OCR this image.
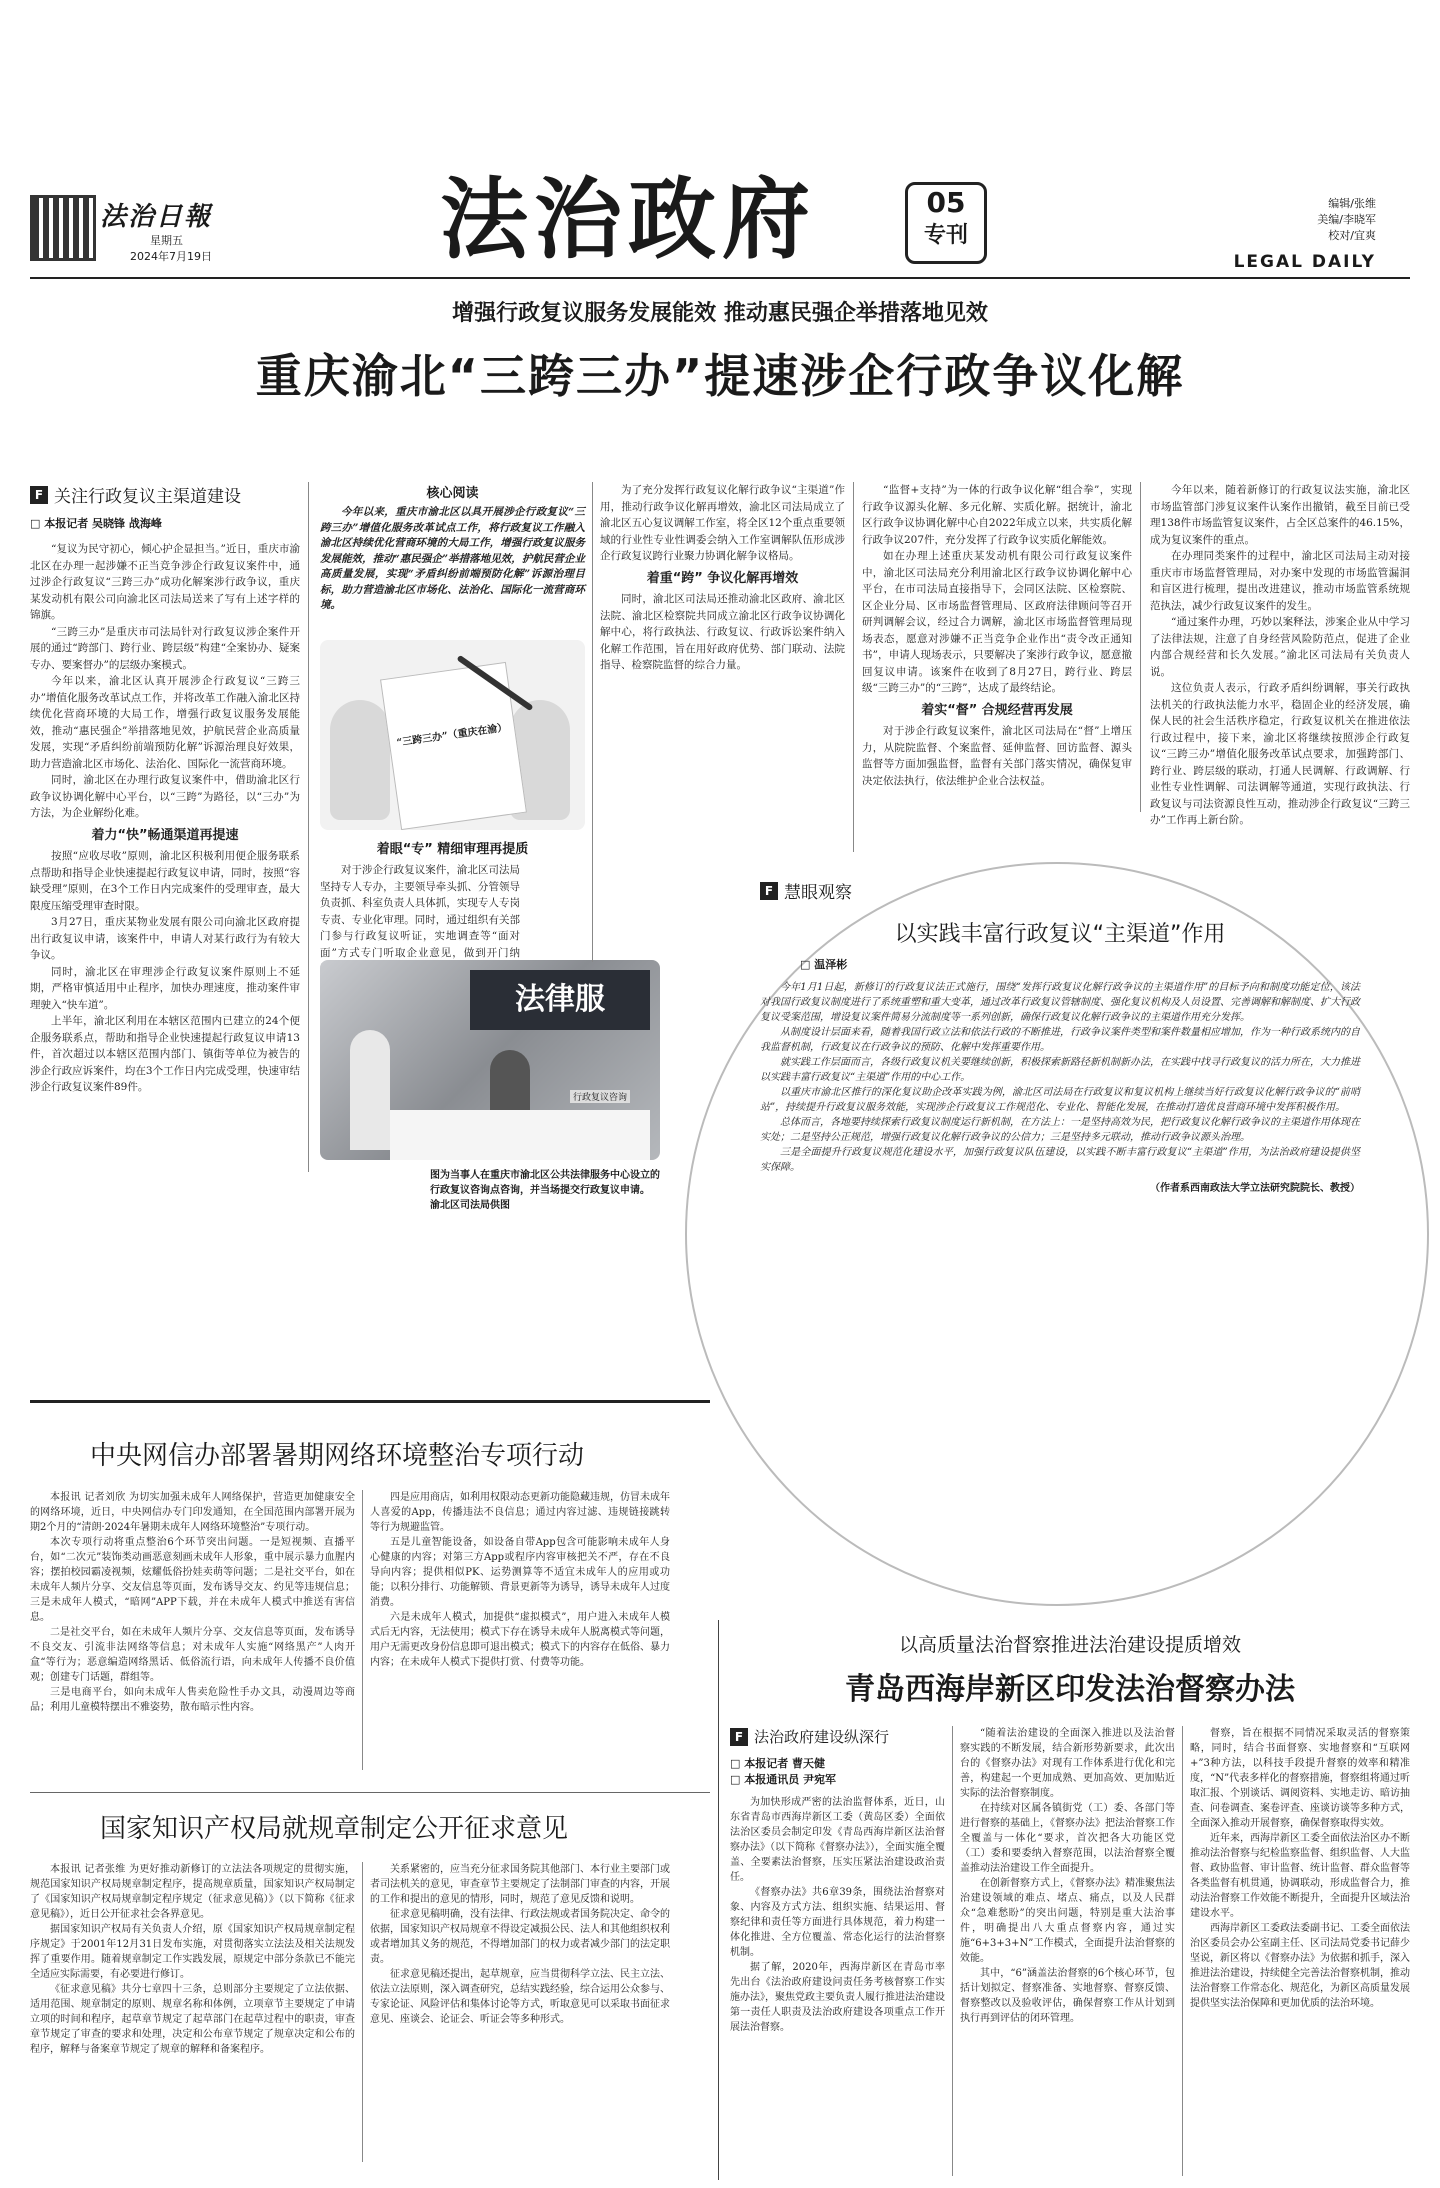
法治日報
星期五
2024年7月19日	法治政府	05
专刊
编辑/张维
美编/李晓军
校对/宜爽
LEGAL DAILY
增强行政复议服务发展能效 推动惠民强企举措落地见效
重庆渝北“三跨三办”提速涉企行政争议化解
F 关注行政复议主渠道建设
□ 本报记者 吴晓锋 战海峰

“复议为民守初心，倾心护企显担当。”近日，重庆市渝北区在办理一起涉嫌不正当竞争涉企行政复议案件中，通过涉企行政复议“三跨三办”成功化解案涉行政争议，重庆某发动机有限公司向渝北区司法局送来了写有上述字样的锦旗。

“三跨三办”是重庆市司法局针对行政复议涉企案件开展的通过“跨部门、跨行业、跨层级”构建“全案协办、疑案专办、要案督办”的层级办案模式。

今年以来，渝北区认真开展涉企行政复议“三跨三办”增值化服务改革试点工作，并将改革工作融入渝北区持续优化营商环境的大局工作，增强行政复议服务发展能效，推动“惠民强企”举措落地见效，护航民营企业高质量发展，实现“矛盾纠纷前端预防化解”诉源治理良好效果，助力营造渝北区市场化、法治化、国际化一流营商环境。

同时，渝北区在办理行政复议案件中，借助渝北区行政争议协调化解中心平台，以“三跨”为路径，以“三办”为方法，为企业解纷化难。

着力“快”畅通渠道再提速

按照“应收尽收”原则，渝北区积极利用便企服务联系点帮助和指导企业快速提起行政复议申请，同时，按照“容缺受理”原则，在3个工作日内完成案件的受理审查，最大限度压缩受理审查时限。

3月27日，重庆某物业发展有限公司向渝北区政府提出行政复议申请，该案件中，申请人对某行政行为有较大争议。

同时，渝北区在审理涉企行政复议案件原则上不延期，严格审慎适用中止程序，加快办理速度，推动案件审理驶入“快车道”。

上半年，渝北区利用在本辖区范围内已建立的24个便企服务联系点，帮助和指导企业快速提起行政复议申请13件，首次超过以本辖区范围内部门、镇街等单位为被告的涉企行政应诉案件，均在3个工作日内完成受理，快速审结涉企行政复议案件89件。

核心阅读
今年以来，重庆市渝北区以具开展涉企行政复议“三跨三办”增值化服务改革试点工作，将行政复议工作融入渝北区持续优化营商环境的大局工作，增强行政复议服务发展能效，推动“惠民强企”举措落地见效，护航民营企业高质量发展，实现“矛盾纠纷前端预防化解”诉源治理目标，助力营造渝北区市场化、法治化、国际化一流营商环境。
“三跨三办”（重庆在渝）
着眼“专” 精细审理再提质
对于涉企行政复议案件，渝北区司法局坚持专人专办，主要领导牵头抓、分管领导负责抓、科室负责人具体抓，实现专人专岗专责、专业化审理。同时，通过组织有关部门参与行政复议听证，实地调查等“面对面”方式专门听取企业意见，做到开门纳
法律服
行政复议咨询
图为当事人在重庆市渝北区公共法律服务中心设立的行政复议咨询点咨询，并当场提交行政复议申请。 渝北区司法局供图

为了充分发挥行政复议化解行政争议“主渠道”作用，推动行政争议化解再增效，渝北区司法局成立了渝北区五心复议调解工作室，将全区12个重点重要领域的行业性专业性调委会纳入工作室调解队伍形成涉企行政复议跨行业聚力协调化解争议格局。

着重“跨” 争议化解再增效

同时，渝北区司法局还推动渝北区政府、渝北区法院、渝北区检察院共同成立渝北区行政争议协调化解中心，将行政执法、行政复议、行政诉讼案件纳入化解工作范围，旨在用好政府优势、部门联动、法院指导、检察院监督的综合力量。

“监督+支持”为一体的行政争议化解“组合拳”，实现行政争议源头化解、多元化解、实质化解。据统计，渝北区行政争议协调化解中心自2022年成立以来，共实质化解行政争议207件，充分发挥了行政争议实质化解能效。

如在办理上述重庆某发动机有限公司行政复议案件中，渝北区司法局充分利用渝北区行政争议协调化解中心平台，在市司法局直接指导下，会同区法院、区检察院、区企业分局、区市场监督管理局、区政府法律顾问等召开研判调解会议，经过合力调解，渝北区市场监督管理局现场表态，愿意对涉嫌不正当竞争企业作出“责令改正通知书”，申请人现场表示，只要解决了案涉行政争议，愿意撤回复议申请。该案件在收到了8月27日，跨行业、跨层级“三跨三办”的“三跨”，达成了最终结论。

着实“督” 合规经营再发展

对于涉企行政复议案件，渝北区司法局在“督”上增压力，从院院监督、个案监督、延伸监督、回访监督、源头监督等方面加强监督，监督有关部门落实情况，确保复审决定依法执行，依法维护企业合法权益。

今年以来，随着新修订的行政复议法实施，渝北区市场监管部门涉复议案件认案作出撤销，截至目前已受理138件市场监管复议案件，占全区总案件的46.15%，成为复议案件的重点。

在办理同类案件的过程中，渝北区司法局主动对接重庆市市场监督管理局，对办案中发现的市场监管漏洞和盲区进行梳理，提出改进建议，推动市场监管系统规范执法，减少行政复议案件的发生。

“通过案件办理，巧妙以案释法，涉案企业从中学习了法律法规，注意了自身经营风险防范点，促进了企业内部合规经营和长久发展。”渝北区司法局有关负责人说。

这位负责人表示，行政矛盾纠纷调解，事关行政执法机关的行政执法能力水平，稳固企业的经济发展，确保人民的社会生活秩序稳定，行政复议机关在推进依法行政过程中，接下来，渝北区将继续按照涉企行政复议“三跨三办”增值化服务改革试点要求，加强跨部门、跨行业、跨层级的联动，打通人民调解、行政调解、行业性专业性调解、司法调解等通道，实现行政执法、行政复议与司法资源良性互动，推动涉企行政复议“三跨三办”工作再上新台阶。

F 慧眼观察
以实践丰富行政复议“主渠道”作用
□ 温泽彬

今年1月1日起，新修订的行政复议法正式施行，围绕“发挥行政复议化解行政争议的主渠道作用”的目标予向和制度功能定位，该法对我国行政复议制度进行了系统重塑和重大变革，通过改革行政复议管辖制度、强化复议机构及人员设置、完善调解和解制度、扩大行政复议受案范围，增设复议案件简易分流制度等一系列创新，确保行政复议化解行政争议的主渠道作用充分发挥。

从制度设计层面来看，随着我国行政立法和依法行政的不断推进，行政争议案件类型和案件数量相应增加，作为一种行政系统内的自我监督机制，行政复议在行政争议的预防、化解中发挥重要作用。

就实践工作层面而言，各级行政复议机关要继续创新，积极探索新路径新机制新办法，在实践中找寻行政复议的活力所在，大力推进以实践丰富行政复议“主渠道”作用的中心工作。

以重庆市渝北区推行的深化复议助企改革实践为例，渝北区司法局在行政复议和复议机构上继续当好行政复议化解行政争议的“前哨站”，持续提升行政复议服务效能，实现涉企行政复议工作规范化、专业化、智能化发展，在推动打造优良营商环境中发挥积极作用。

总体而言，各地要持续探索行政复议制度运行新机制，在方法上：一是坚持高效为民，把行政复议化解行政争议的主渠道作用体现在实处；二是坚持公正规范，增强行政复议化解行政争议的公信力；三是坚持多元联动，推动行政争议源头治理。

三是全面提升行政复议规范化建设水平，加强行政复议队伍建设，以实践不断丰富行政复议“主渠道”作用，为法治政府建设提供坚实保障。

（作者系西南政法大学立法研究院院长、教授）
中央网信办部署暑期网络环境整治专项行动

本报讯 记者刘欣 为切实加强未成年人网络保护，营造更加健康安全的网络环境，近日，中央网信办专门印发通知，在全国范围内部署开展为期2个月的“清朗·2024年暑期未成年人网络环境整治”专项行动。

本次专项行动将重点整治6个环节突出问题。一是短视频、直播平台，如“二次元”装饰类动画恶意刻画未成年人形象，重中展示暴力血腥内容；摆拍校园霸凌视频，炫耀低俗扮娃卖萌等问题；二是社交平台，如在未成年人频片分享、交友信息等页面，发布诱导交友、约见等违规信息；三是未成年人模式，“暗网”APP下载，并在未成年人模式中推送有害信息。

二是社交平台，如在未成年人频片分享、交友信息等页面，发布诱导不良交友、引流非法网络等信息；对未成年人实施“网络黑产”人肉开盒“等行为；恶意编造网络黑话、低俗流行语，向未成年人传播不良价值观；创建专门话题，群组等。

三是电商平台，如向未成年人售卖危险性手办文具，动漫周边等商品；利用儿童模特摆出不雅姿势，散布暗示性内容。

四是应用商店，如利用权限动态更新功能隐藏违规，仿冒未成年人喜爱的App，传播违法不良信息；通过内容过滤、违规链接跳转等行为规避监管。

五是儿童智能设备，如设备自带App包含可能影响未成年人身心健康的内容；对第三方App或程序内容审核把关不严，存在不良导向内容；提供相似PK、运势测算等不适宜未成年人的应用或功能；以积分排行、功能解锁、背景更新等为诱导，诱导未成年人过度消费。

六是未成年人模式，加提供“虚拟模式”，用户进入未成年人模式后无内容，无法使用；模式下存在诱导未成年人脱离模式等问题，用户无需更改身份信息即可退出模式；模式下的内容存在低俗、暴力内容；在未成年人模式下提供打赏、付费等功能。

国家知识产权局就规章制定公开征求意见

本报讯 记者张维 为更好推动新修订的立法法各项规定的贯彻实施，规范国家知识产权局规章制定程序，提高规章质量，国家知识产权局制定了《国家知识产权局规章制定程序规定（征求意见稿）》（以下简称《征求意见稿》），近日公开征求社会各界意见。

据国家知识产权局有关负责人介绍，原《国家知识产权局规章制定程序规定》于2001年12月31日发布实施，对贯彻落实立法法及相关法规发挥了重要作用。随着规章制定工作实践发展，原规定中部分条款已不能完全适应实际需要，有必要进行修订。

《征求意见稿》共分七章四十三条，总则部分主要规定了立法依据、适用范围、规章制定的原则、规章名称和体例，立项章节主要规定了申请立项的时间和程序，起草章节规定了起草部门在起草过程中的职责，审查章节规定了审查的要求和处理，决定和公布章节规定了规章决定和公布的程序，解释与备案章节规定了规章的解释和备案程序。

关系紧密的，应当充分征求国务院其他部门、本行业主要部门或者司法机关的意见，审查章节主要规定了法制部门审查的内容，开展的工作和提出的意见的情形，同时，规范了意见反馈和说明。

征求意见稿明确，没有法律、行政法规或者国务院决定、命令的依据，国家知识产权局规章不得设定减损公民、法人和其他组织权利或者增加其义务的规范，不得增加部门的权力或者减少部门的法定职责。

征求意见稿还提出，起草规章，应当贯彻科学立法、民主立法、依法立法原则，深入调查研究，总结实践经验，综合运用公众参与、专家论证、风险评估和集体讨论等方式，听取意见可以采取书面征求意见、座谈会、论证会、听证会等多种形式。

以高质量法治督察推进法治建设提质增效
青岛西海岸新区印发法治督察办法
F 法治政府建设纵深行
□ 本报记者 曹天健
□ 本报通讯员 尹宛军

为加快形成严密的法治监督体系，近日，山东省青岛市西海岸新区工委（黄岛区委）全面依法治区委员会制定印发《青岛西海岸新区法治督察办法》（以下简称《督察办法》），全面实施全覆盖、全要素法治督察，压实压紧法治建设政治责任。

《督察办法》共6章39条，围绕法治督察对象、内容及方式方法、组织实施、结果运用、督察纪律和责任等方面进行具体规范，着力构建一体化推进、全方位覆盖、常态化运行的法治督察机制。

据了解，2020年，西海岸新区在青岛市率先出台《法治政府建设问责任务考核督察工作实施办法》，聚焦党政主要负责人履行推进法治建设第一责任人职责及法治政府建设各项重点工作开展法治督察。

“随着法治建设的全面深入推进以及法治督察实践的不断发展，结合新形势新要求，此次出台的《督察办法》对现有工作体系进行优化和完善，构建起一个更加成熟、更加高效、更加贴近实际的法治督察制度。

在持续对区属各镇街党（工）委、各部门等进行督察的基础上，《督察办法》把法治督察工作全覆盖与一体化“要求，首次把各大功能区党（工）委和要委纳入督察范围，以法治督察全覆盖推动法治建设工作全面提升。

在创新督察方式上，《督察办法》精准聚焦法治建设领域的难点、堵点、痛点，以及人民群众“急难愁盼”的突出问题，特别是重大法治事件，明确提出八大重点督察内容，通过实施“6+3+3+N”工作模式，全面提升法治督察的效能。

其中，“6”涵盖法治督察的6个核心环节，包括计划拟定、督察准备、实地督察、督察反馈、督察整改以及验收评估，确保督察工作从计划到执行再到评估的闭环管理。

督察，旨在根据不同情况采取灵活的督察策略，同时，结合书面督察、实地督察和“互联网+”3种方法，以科技手段提升督察的效率和精准度，“N”代表多样化的督察措施，督察组将通过听取汇报、个别谈话、调阅资料、实地走访、暗访抽查、问卷调查、案卷评查、座谈访谈等多种方式，全面深入推动开展督察，确保督察取得实效。

近年来，西海岸新区工委全面依法治区办不断推动法治督察与纪检监察监督、组织监督、人大监督、政协监督、审计监督、统计监督、群众监督等各类监督有机贯通，协调联动，形成监督合力，推动法治督察工作效能不断提升，全面提升区域法治建设水平。

西海岸新区工委政法委副书记、工委全面依法治区委员会办公室副主任、区司法局党委书记薛少坚说，新区将以《督察办法》为依据和抓手，深入推进法治建设，持续健全完善法治督察机制，推动法治督察工作常态化、规范化，为新区高质量发展提供坚实法治保障和更加优质的法治环境。
